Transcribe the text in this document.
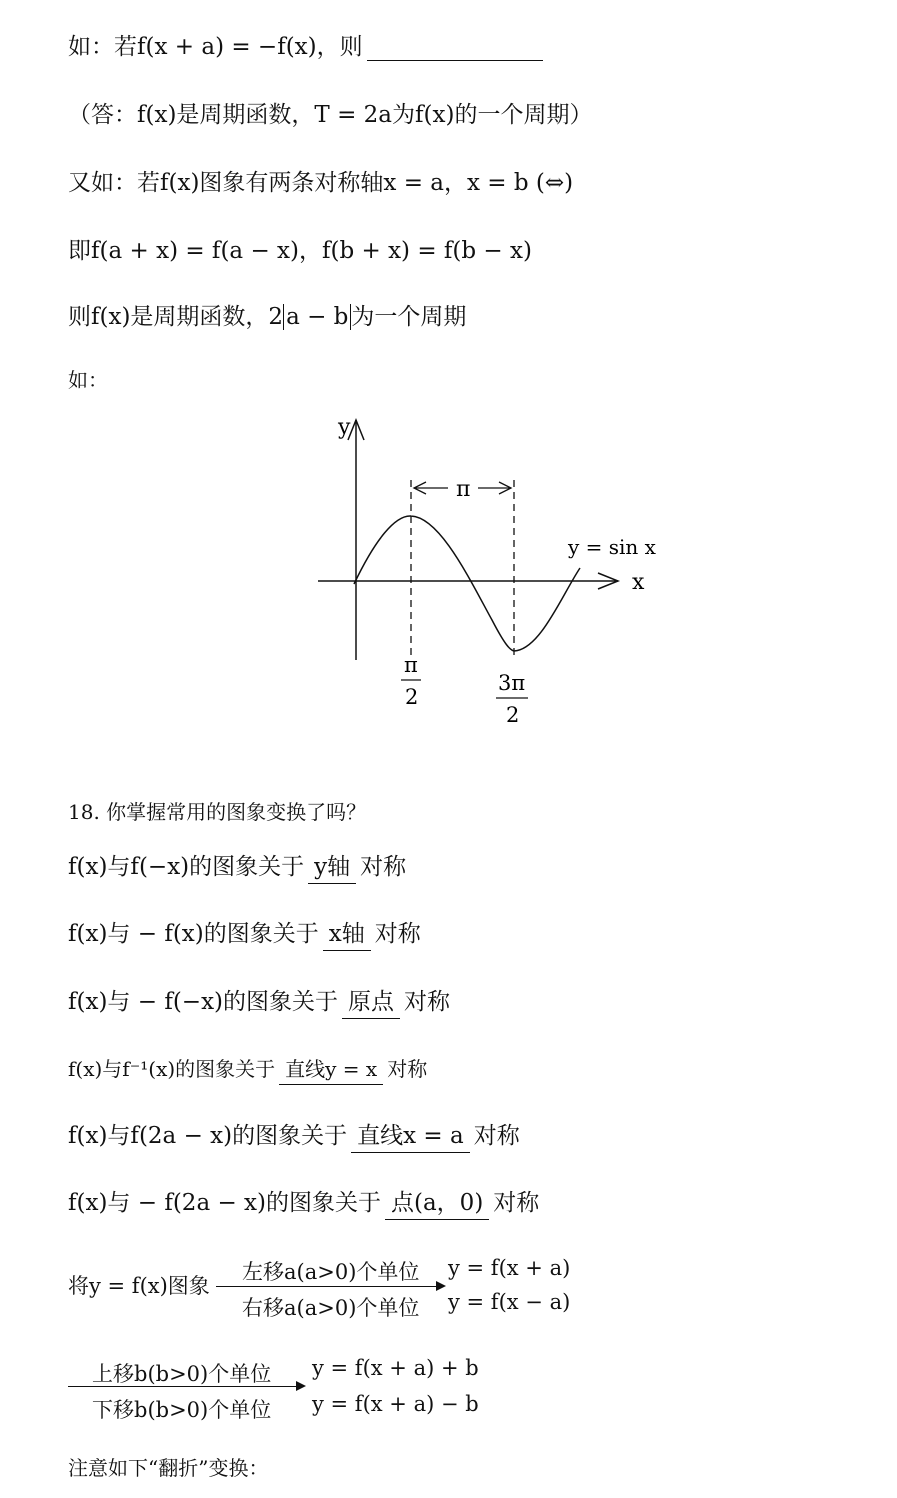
如：若f(x + a) = −f(x)，则
（答：f(x)是周期函数，T = 2a为f(x)的一个周期）
又如：若f(x)图象有两条对称轴x = a，x = b (⇔)
即f(a + x) = f(a − x)，f(b + x) = f(b − x)
则f(x)是周期函数，2 a − b 为一个周期
如：
y
x
π
y = sin x
π
2
3π
2
18. 你掌握常用的图象变换了吗？
f(x)与f(−x)的图象关于 y轴 对称
f(x)与 − f(x)的图象关于 x轴 对称
f(x)与 − f(−x)的图象关于 原点 对称
f(x)与f⁻¹(x)的图象关于 直线y = x 对称
f(x)与f(2a − x)的图象关于 直线x = a 对称
f(x)与 − f(2a − x)的图象关于 点(a，0) 对称
将y = f(x)图象
左移a(a>0)个单位
右移a(a>0)个单位
y = f(x + a)
y = f(x − a)
上移b(b>0)个单位
下移b(b>0)个单位
y = f(x + a) + b
y = f(x + a) − b
注意如下“翻折”变换：
